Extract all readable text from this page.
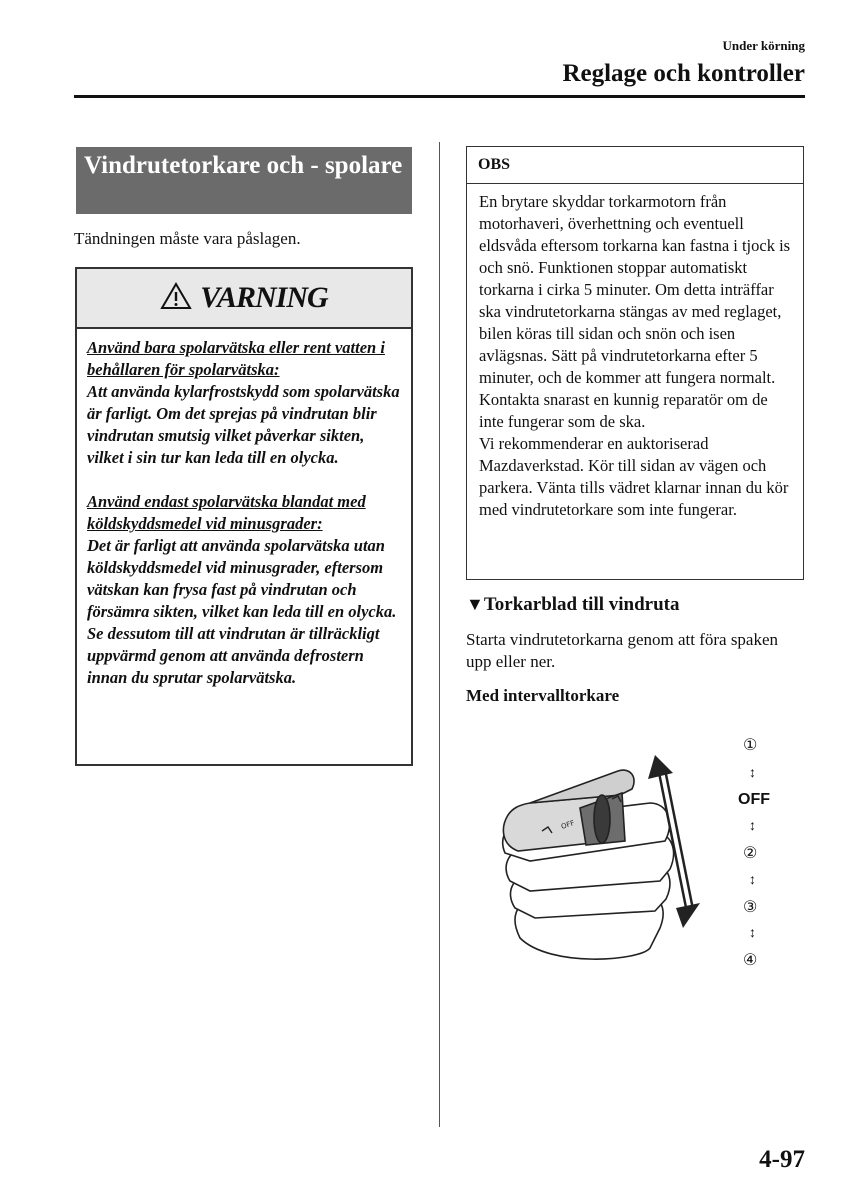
Under körning
Reglage och kontroller
Vindrutetorkare och - spolare
Tändningen måste vara påslagen.
VARNING

Använd bara spolarvätska eller rent vatten i behållaren för spolarvätska:
Att använda kylarfrostskydd som spolarvätska är farligt. Om det sprejas på vindrutan blir vindrutan smutsig vilket påverkar sikten, vilket i sin tur kan leda till en olycka.

Använd endast spolarvätska blandat med köldskyddsmedel vid minusgrader:
Det är farligt att använda spolarvätska utan köldskyddsmedel vid minusgrader, eftersom vätskan kan frysa fast på vindrutan och försämra sikten, vilket kan leda till en olycka.
Se dessutom till att vindrutan är tillräckligt uppvärmd genom att använda defrostern innan du sprutar spolarvätska.

OBS
En brytare skyddar torkarmotorn från motorhaveri, överhettning och eventuell eldsvåda eftersom torkarna kan fastna i tjock is och snö. Funktionen stoppar automatiskt torkarna i cirka 5 minuter. Om detta inträffar ska vindrutetorkarna stängas av med reglaget, bilen köras till sidan och snön och isen avlägsnas. Sätt på vindrutetorkarna efter 5 minuter, och de kommer att fungera normalt. Kontakta snarast en kunnig reparatör om de inte fungerar som de ska.
Vi rekommenderar en auktoriserad Mazdaverkstad. Kör till sidan av vägen och parkera. Vänta tills vädret klarnar innan du kör med vindrutetorkare som inte fungerar.
▼Torkarblad till vindruta
Starta vindrutetorkarna genom att föra spaken upp eller ner.
Med intervalltorkare
OFF
①
↕
OFF
↕
②
↕
③
↕
④
4-97
